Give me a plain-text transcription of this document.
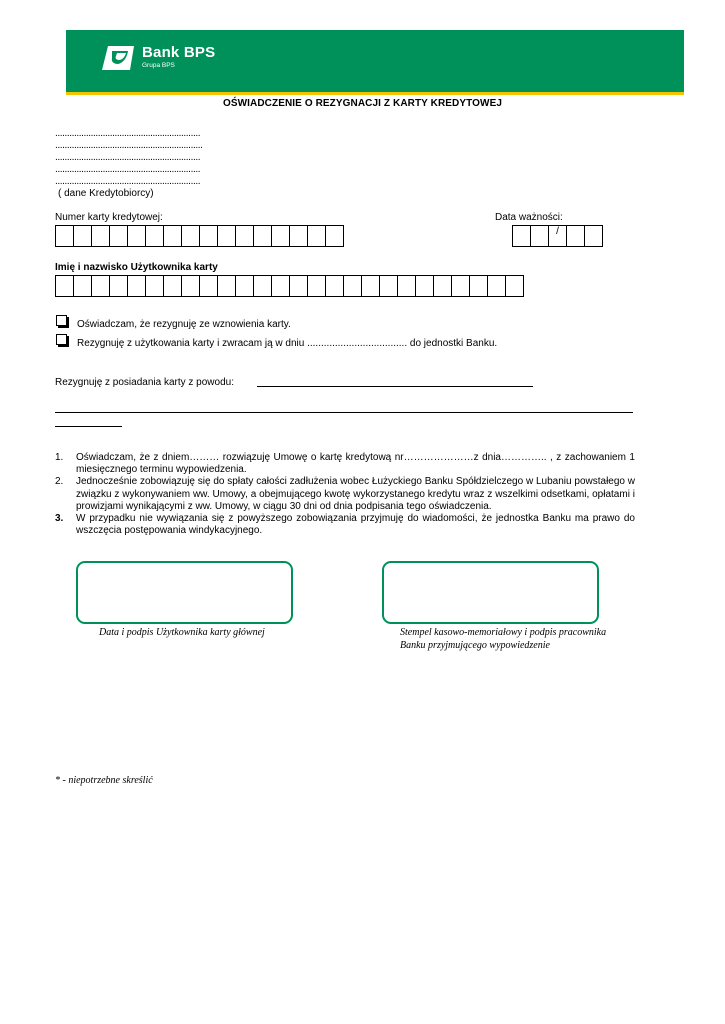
Bank BPS
Grupa BPS
OŚWIADCZENIE O REZYGNACJI Z KARTY KREDYTOWEJ
.............................................................
..............................................................
.............................................................
.............................................................
.............................................................
( dane Kredytobiorcy)
Numer karty kredytowej:	Data ważności:
/
Imię i nazwisko Użytkownika karty
Oświadczam, że rezygnuję ze wznowienia karty.
Rezygnuję z użytkowania karty i zwracam ją w dniu .................................... do jednostki Banku.
Rezygnuję z posiadania karty z powodu:
1.	Oświadczam, że z dniem……… rozwiązuję Umowę o kartę kredytową nr…………………z dnia………….. , z zachowaniem 1 miesięcznego terminu wypowiedzenia.
2.	Jednocześnie zobowiązuję się do spłaty całości zadłużenia wobec Łużyckiego Banku Spółdzielczego w Lubaniu powstałego w związku z wykonywaniem ww. Umowy, a obejmującego kwotę wykorzystanego kredytu wraz z wszelkimi odsetkami, opłatami i prowizjami wynikającymi z ww. Umowy, w ciągu 30 dni od dnia podpisania tego oświadczenia.
3.	W przypadku nie wywiązania się z powyższego zobowiązania przyjmuję do wiadomości, że jednostka Banku ma prawo do wszczęcia postępowania windykacyjnego.
Data i podpis Użytkownika karty głównej	Stempel kasowo-memoriałowy i podpis pracownika
Banku przyjmującego wypowiedzenie
* - niepotrzebne skreślić
